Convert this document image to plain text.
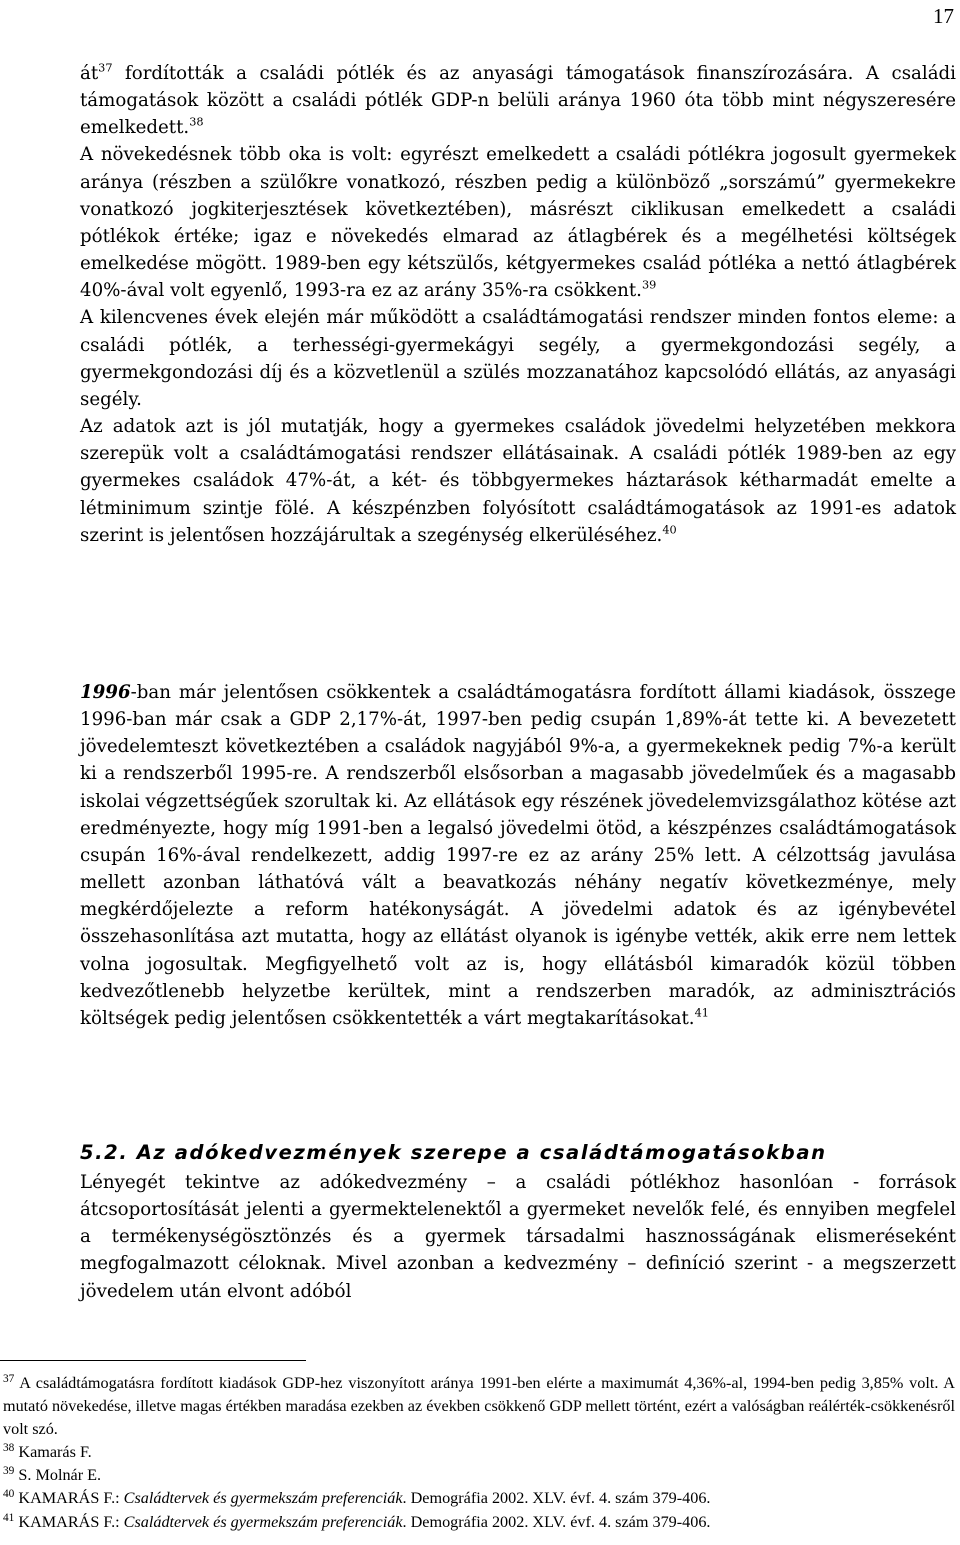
17

$át^{37}$ fordították a családi pótlék és az anyasági támogatások finanszírozására. A családi támogatások között a családi pótlék GDP-n belüli aránya 1960 óta több mint négyszeresére emelkedett.$^{38}$

A növekedésnek több oka is volt: egyrészt emelkedett a családi pótlékra jogosult gyermekek aránya (részben a szülőkre vonatkozó, részben pedig a különböző „sorszámú” gyermekekre vonatkozó jogkiterjesztések következtében), másrészt ciklikusan emelkedett a családi pótlékok értéke; igaz e növekedés elmarad az átlagbérek és a megélhetési költségek emelkedése mögött. 1989-ben egy kétszülős, kétgyermekes család pótléka a nettó átlagbérek 40%-ával volt egyenlő, 1993-ra ez az arány 35%-ra csökkent.$^{39}$

A kilencvenes évek elején már működött a családtámogatási rendszer minden fontos eleme: a családi pótlék, a terhességi-gyermekágyi segély, a gyermekgondozási segély, a gyermekgondozási díj és a közvetlenül a szülés mozzanatához kapcsolódó ellátás, az anyasági segély.

Az adatok azt is jól mutatják, hogy a gyermekes családok jövedelmi helyzetében mekkora szerepük volt a családtámogatási rendszer ellátásainak. A családi pótlék 1989-ben az egy gyermekes családok 47%-át, a két- és többgyermekes háztarások kétharmadát emelte a létminimum szintje fölé. A készpénzben folyósított családtámogatások az 1991-es adatok szerint is jelentősen hozzájárultak a szegénység elkerüléséhez.$^{40}$

1996-ban már jelentősen csökkentek a családtámogatásra fordított állami kiadások, összege 1996-ban már csak a GDP 2,17%-át, 1997-ben pedig csupán 1,89%-át tette ki. A bevezetett jövedelemteszt következtében a családok nagyjából 9%-a, a gyermekeknek pedig 7%-a került ki a rendszerből 1995-re. A rendszerből elsősorban a magasabb jövedelmű́ek és a magasabb iskolai végzettségű́ek szorultak ki. Az ellátások egy részének jövedelemvizsgálathoz kötése azt eredményezte, hogy míg 1991-ben a legalsó jövedelmi ötöd, a készpénzes családtámogatások csupán 16%-ával rendelkezett, addig 1997-re ez az arány 25% lett. A célzottság javulása mellett azonban láthatóvá vált a beavatkozás néhány negatív következménye, mely megkérdőjelezte a reform hatékonyságát. A jövedelmi adatok és az igénybevétel összehasonlítása azt mutatta, hogy az ellátást olyanok is igénybe vették, akik erre nem lettek volna jogosultak. Megfigyelhető volt az is, hogy ellátásból kimaradók közül többen kedvezőtlenebb helyzetbe kerültek, mint a rendszerben maradók, az adminisztrációs költségek pedig jelentősen csökkentették a várt megtakarításokat.$^{41}$

5.2. Az adókedvezmények szerepe a családtámogatásokban

Lényegét tekintve az adókedvezmény – a családi pótlékhoz hasonlóan - források átcsoportosítását jelenti a gyermektelenektől a gyermeket nevelők felé, és ennyiben megfelel a termékenységösztönzés és a gyermek társadalmi hasznosságának elismeréseként megfogalmazott céloknak. Mivel azonban a kedvezmény – definíció szerint - a megszerzett jövedelem után elvont adóból

$^{37}$ A családtámogatásra fordított kiadások GDP-hez viszonyított aránya 1991-ben elérte a maximumát 4,36%-al, 1994-ben pedig 3,85% volt. A mutató növekedése, illetve magas értékben maradása ezekben az években csökkenő GDP mellett történt, ezért a valóságban reálérték-csökkenésről volt szó.

$^{38}$ Kamarás F.

$^{39}$ S. Molnár E.

$^{40}$ KAMARÁS F.: Családtervek és gyermekszám preferenciák. Demográfia 2002. XLV. évf. 4. szám 379-406.

$^{41}$ KAMARÁS F.: Családtervek és gyermekszám preferenciák. Demográfia 2002. XLV. évf. 4. szám 379-406.
